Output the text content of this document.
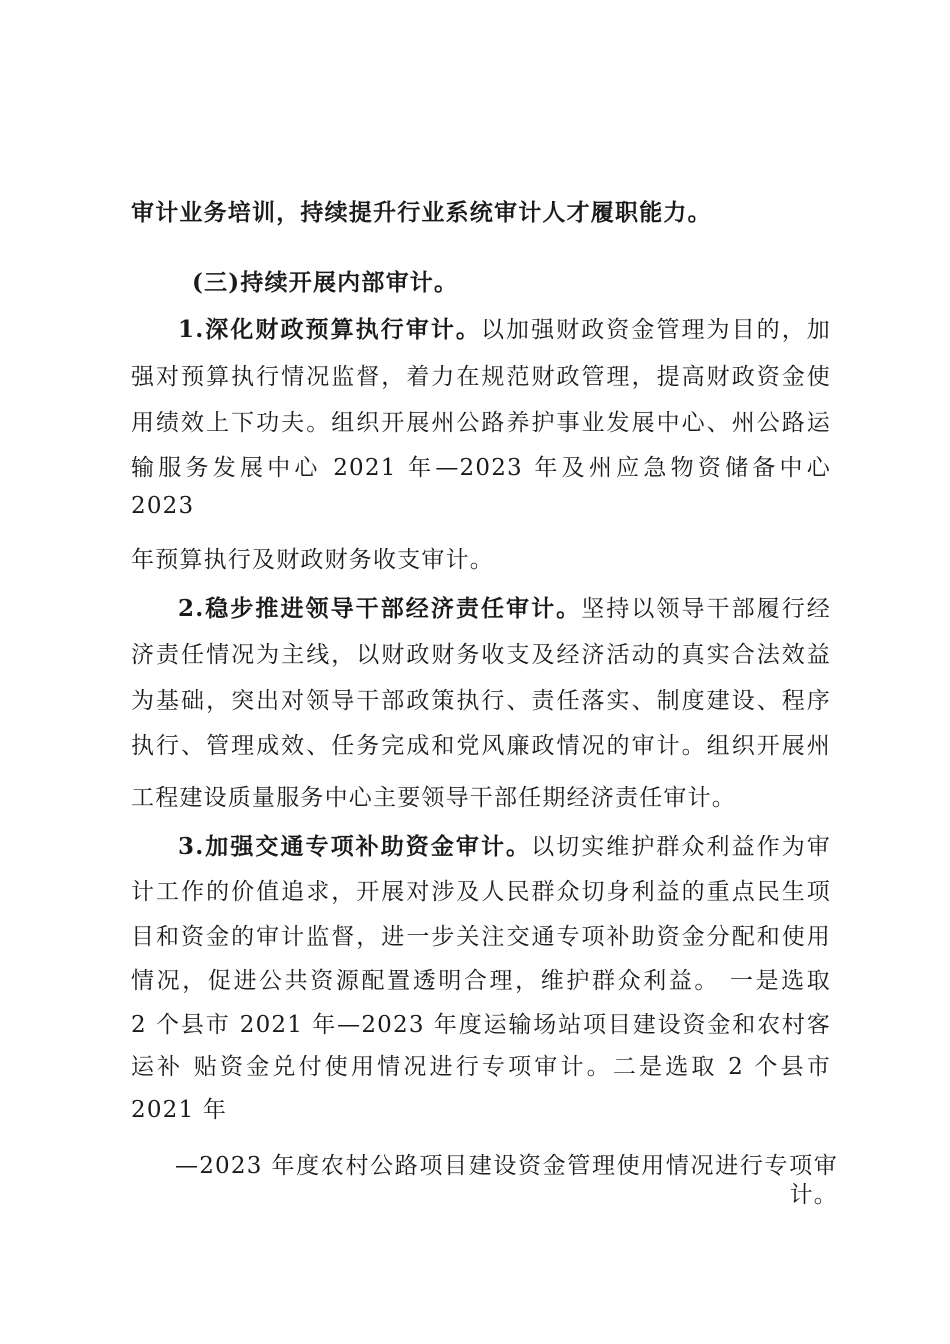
审计业务培训，持续提升行业系统审计人才履职能力。
(三)持续开展内部审计。
1.深化财政预算执行审计。以加强财政资金管理为目的，加
强对预算执行情况监督，着力在规范财政管理，提高财政资金使
用绩效上下功夫。组织开展州公路养护事业发展中心、州公路运
输服务发展中心 2021 年—2023 年及州应急物资储备中心
2023
年预算执行及财政财务收支审计。
2.稳步推进领导干部经济责任审计。坚持以领导干部履行经
济责任情况为主线，以财政财务收支及经济活动的真实合法效益
为基础，突出对领导干部政策执行、责任落实、制度建设、程序
执行、管理成效、任务完成和党风廉政情况的审计。组织开展州
工程建设质量服务中心主要领导干部任期经济责任审计。
3.加强交通专项补助资金审计。以切实维护群众利益作为审
计工作的价值追求，开展对涉及人民群众切身利益的重点民生项
目和资金的审计监督，进一步关注交通专项补助资金分配和使用
情况，促进公共资源配置透明合理，维护群众利益。 一是选取
2 个县市 2021 年—2023 年度运输场站项目建设资金和农村客
运补 贴资金兑付使用情况进行专项审计。二是选取 2 个县市
2021 年
—2023 年度农村公路项目建设资金管理使用情况进行专项审
计。
